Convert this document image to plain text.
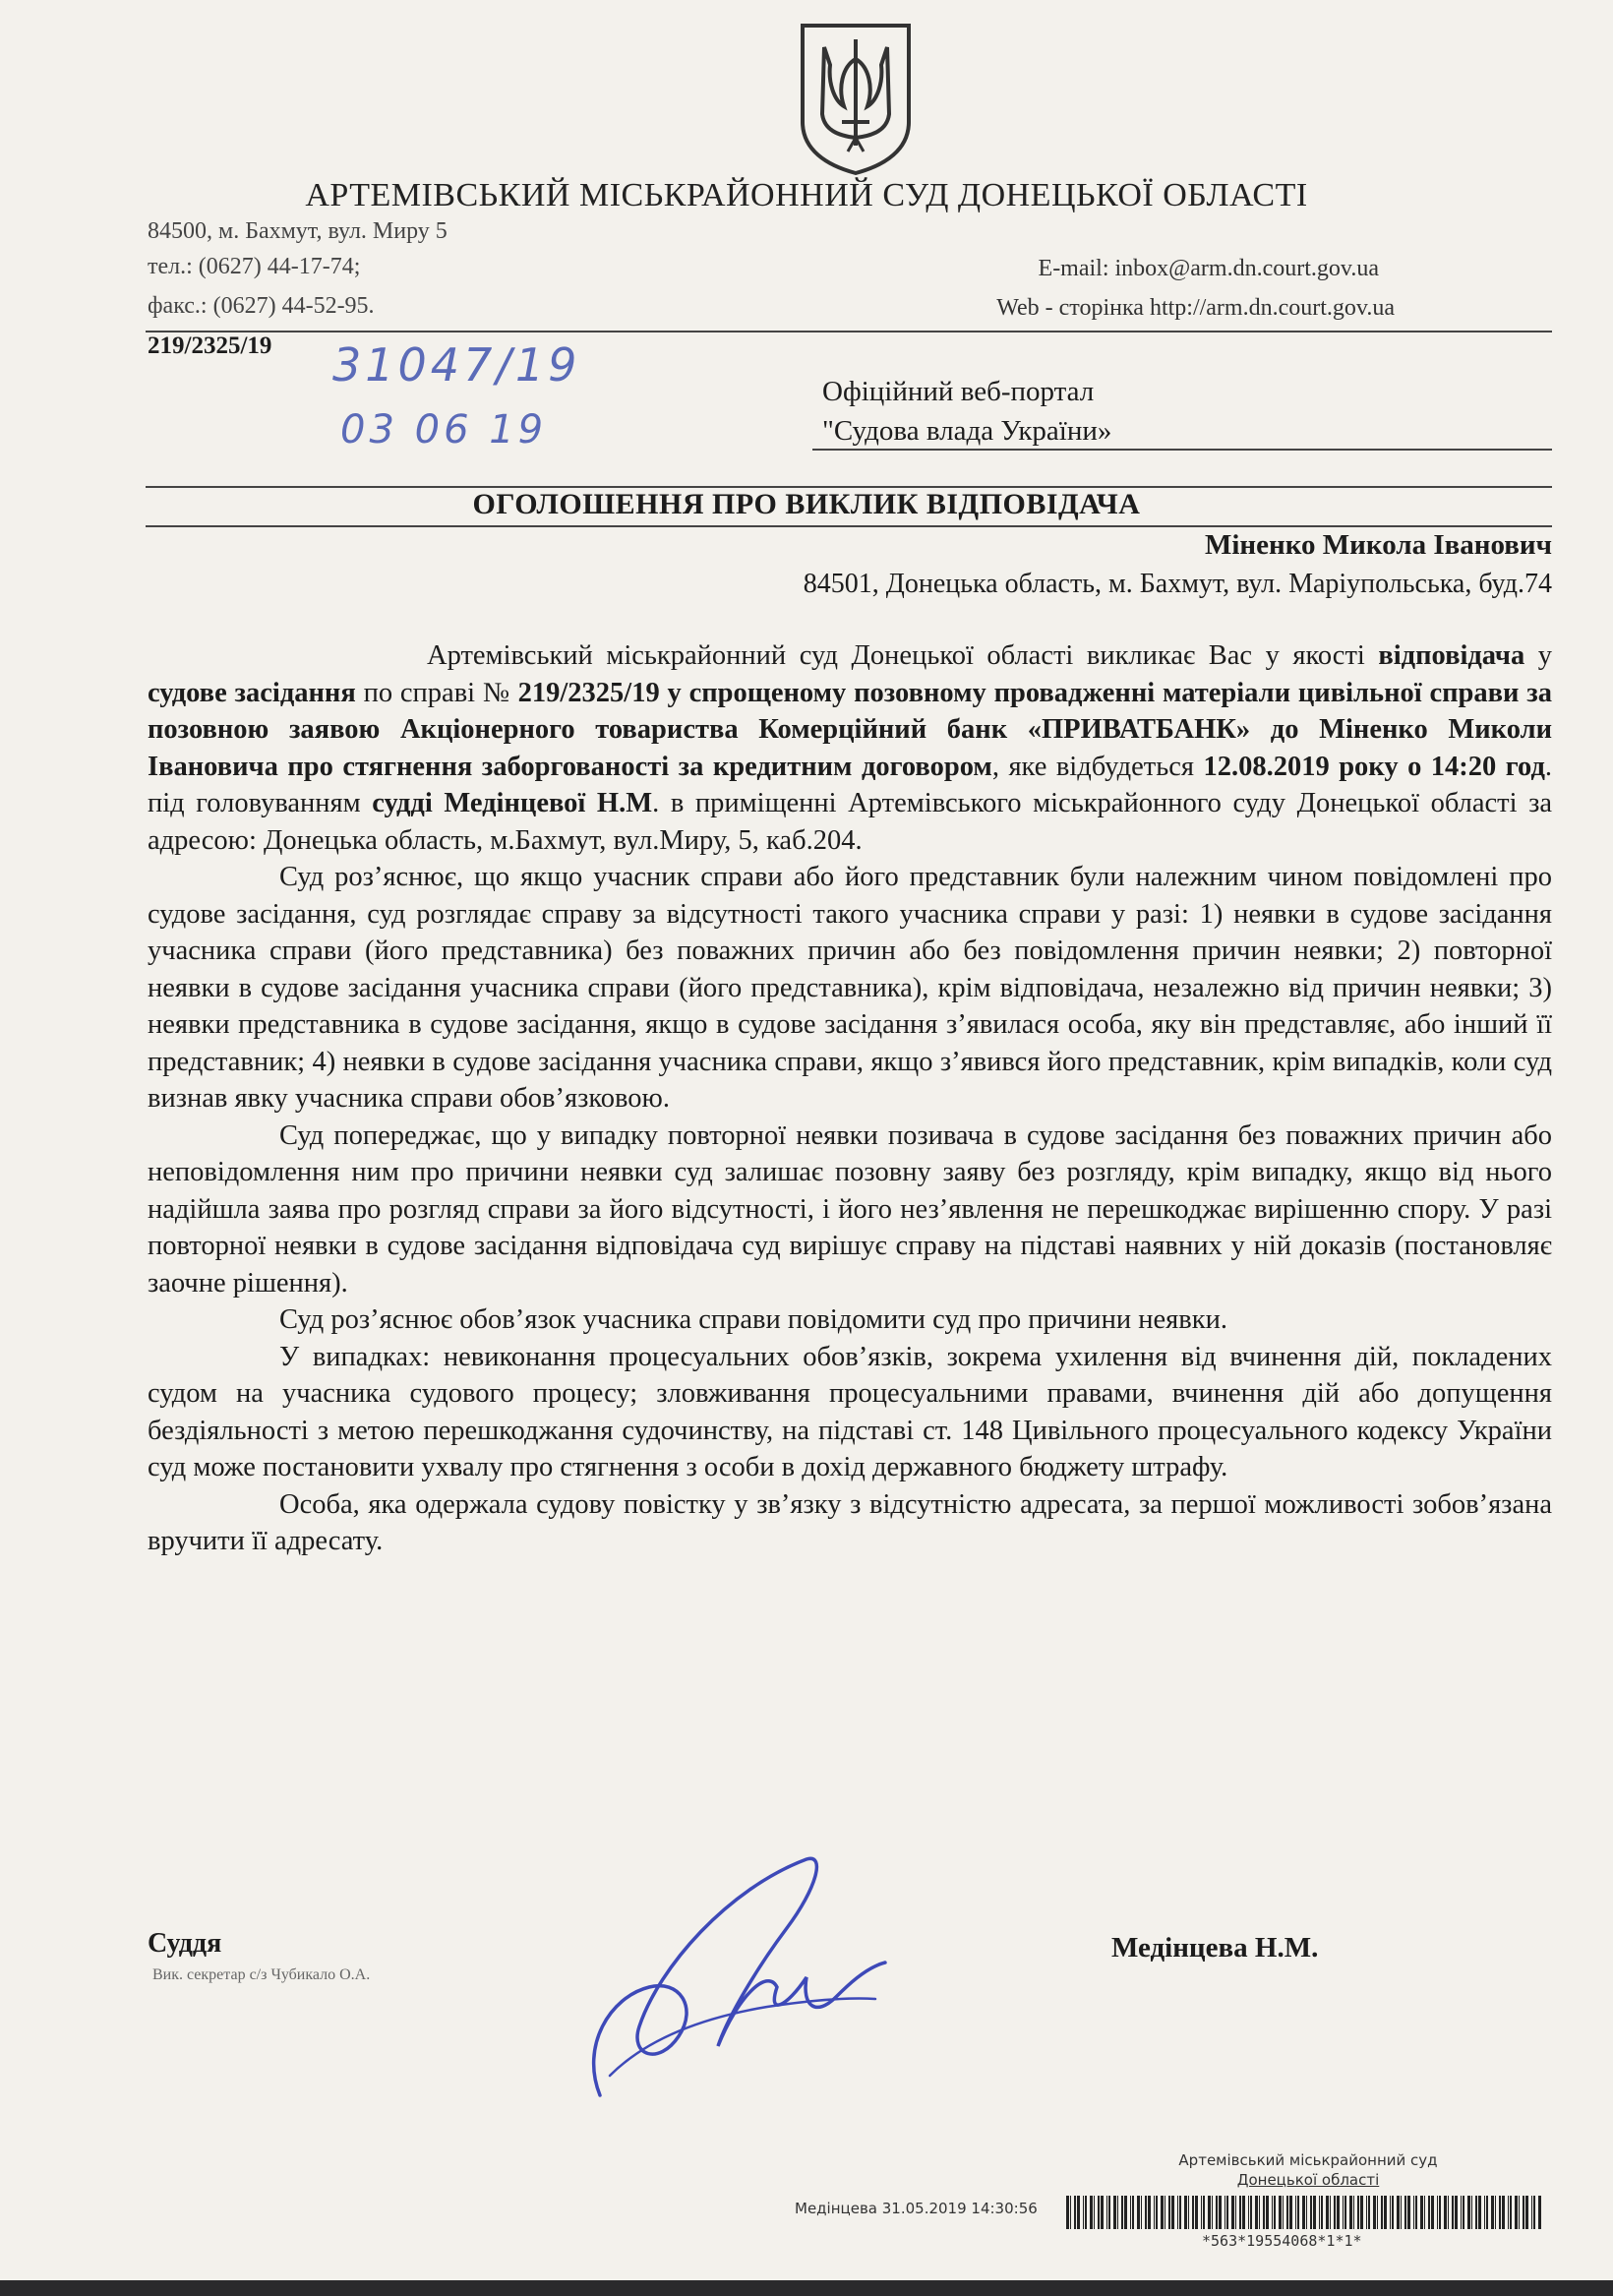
АРТЕМІВСЬКИЙ МІСЬКРАЙОННИЙ СУД ДОНЕЦЬКОЇ ОБЛАСТІ
84500, м. Бахмут, вул. Миру 5
тел.: (0627) 44-17-74;
факс.: (0627) 44-52-95.
E-mail: inbox@arm.dn.court.gov.ua
Web - сторінка http://arm.dn.court.gov.ua
219/2325/19 31047/19
03 06 19
Офіційний веб-портал
"Судова влада України»
ОГОЛОШЕННЯ ПРО ВИКЛИК ВІДПОВІДАЧА
Міненко Микола Іванович
84501, Донецька область, м. Бахмут, вул. Маріупольська, буд.74

Артемівський міськрайонний суд Донецької області викликає Вас у якості відповідача у судове засідання по справі № 219/2325/19 у спрощеному позовному провадженні матеріали цивільної справи за позовною заявою Акціонерного товариства Комерційний банк «ПРИВАТБАНК» до Міненко Миколи Івановича про стягнення заборгованості за кредитним договором, яке відбудеться 12.08.2019 року о 14:20 год. під головуванням судді Медінцевої Н.М. в приміщенні Артемівського міськрайонного суду Донецької області за адресою: Донецька область, м.Бахмут, вул.Миру, 5, каб.204.

Суд роз’яснює, що якщо учасник справи або його представник були належним чином повідомлені про судове засідання, суд розглядає справу за відсутності такого учасника справи у разі: 1) неявки в судове засідання учасника справи (його представника) без поважних причин або без повідомлення причин неявки; 2) повторної неявки в судове засідання учасника справи (його представника), крім відповідача, незалежно від причин неявки; 3) неявки представника в судове засідання, якщо в судове засідання з’явилася особа, яку він представляє, або інший її представник; 4) неявки в судове засідання учасника справи, якщо з’явився його представник, крім випадків, коли суд визнав явку учасника справи обов’язковою.

Суд попереджає, що у випадку повторної неявки позивача в судове засідання без поважних причин або неповідомлення ним про причини неявки суд залишає позовну заяву без розгляду, крім випадку, якщо від нього надійшла заява про розгляд справи за його відсутності, і його нез’явлення не перешкоджає вирішенню спору. У разі повторної неявки в судове засідання відповідача суд вирішує справу на підставі наявних у ній доказів (постановляє заочне рішення).

Суд роз’яснює обов’язок учасника справи повідомити суд про причини неявки.

У випадках: невиконання процесуальних обов’язків, зокрема ухилення від вчинення дій, покладених судом на учасника судового процесу; зловживання процесуальними правами, вчинення дій або допущення бездіяльності з метою перешкоджання судочинству, на підставі ст. 148 Цивільного процесуального кодексу України суд може постановити ухвалу про стягнення з особи в дохід державного бюджету штрафу.

Особа, яка одержала судову повістку у зв’язку з відсутністю адресата, за першої можливості зобов’язана вручити її адресату.

Суддя
Вик. секретар с/з Чубикало О.А.
Медінцева Н.М.
Артемівський міськрайонний суд
Донецької області
Медінцева 31.05.2019 14:30:56
*563*19554068*1*1*
